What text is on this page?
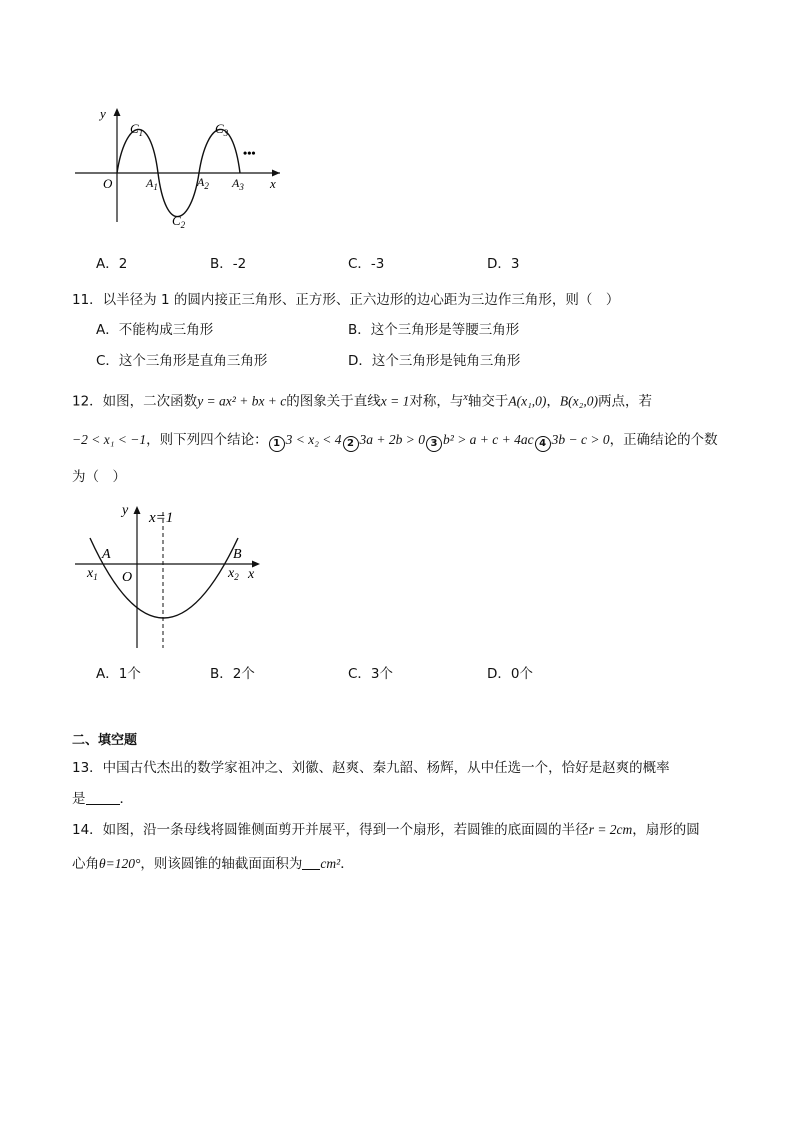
y
x
O
$C_1$
$C_2$
$C_3$
$A_1$	$A_2$ $A_3$
•••
A．2	B．-2	C．-3	D．3
11．以半径为 1 的圆内接正三角形、正方形、正六边形的边心距为三边作三角形，则（　）
A．不能构成三角形	B．这个三角形是等腰三角形
C．这个三角形是直角三角形	D．这个三角形是钝角三角形
12．如图，二次函数y = ax² + bx + c的图象关于直线x = 1对称，与$^x$轴交于A(x₁,0)，B(x₂,0)两点，若
−2 < x₁ < −1，则下列四个结论： 1 3 < x₂ < 4 2 3a + 2b > 0 3 b² > a + c + 4ac 4 3b − c > 0，正确结论的个数
为（　）
y x=1
A	B
O
$x_1$	$x_2$ x
A．1个	B．2个	C．3个	D．0个
二、填空题
13．中国古代杰出的数学家祖冲之、刘徽、赵爽、秦九韶、杨辉，从中任选一个，恰好是赵爽的概率
是	．
14．如图，沿一条母线将圆锥侧面剪开并展平，得到一个扇形，若圆锥的底面圆的半径r = 2cm，扇形的圆
心角θ=120°，则该圆锥的轴截面面积为 cm²．
